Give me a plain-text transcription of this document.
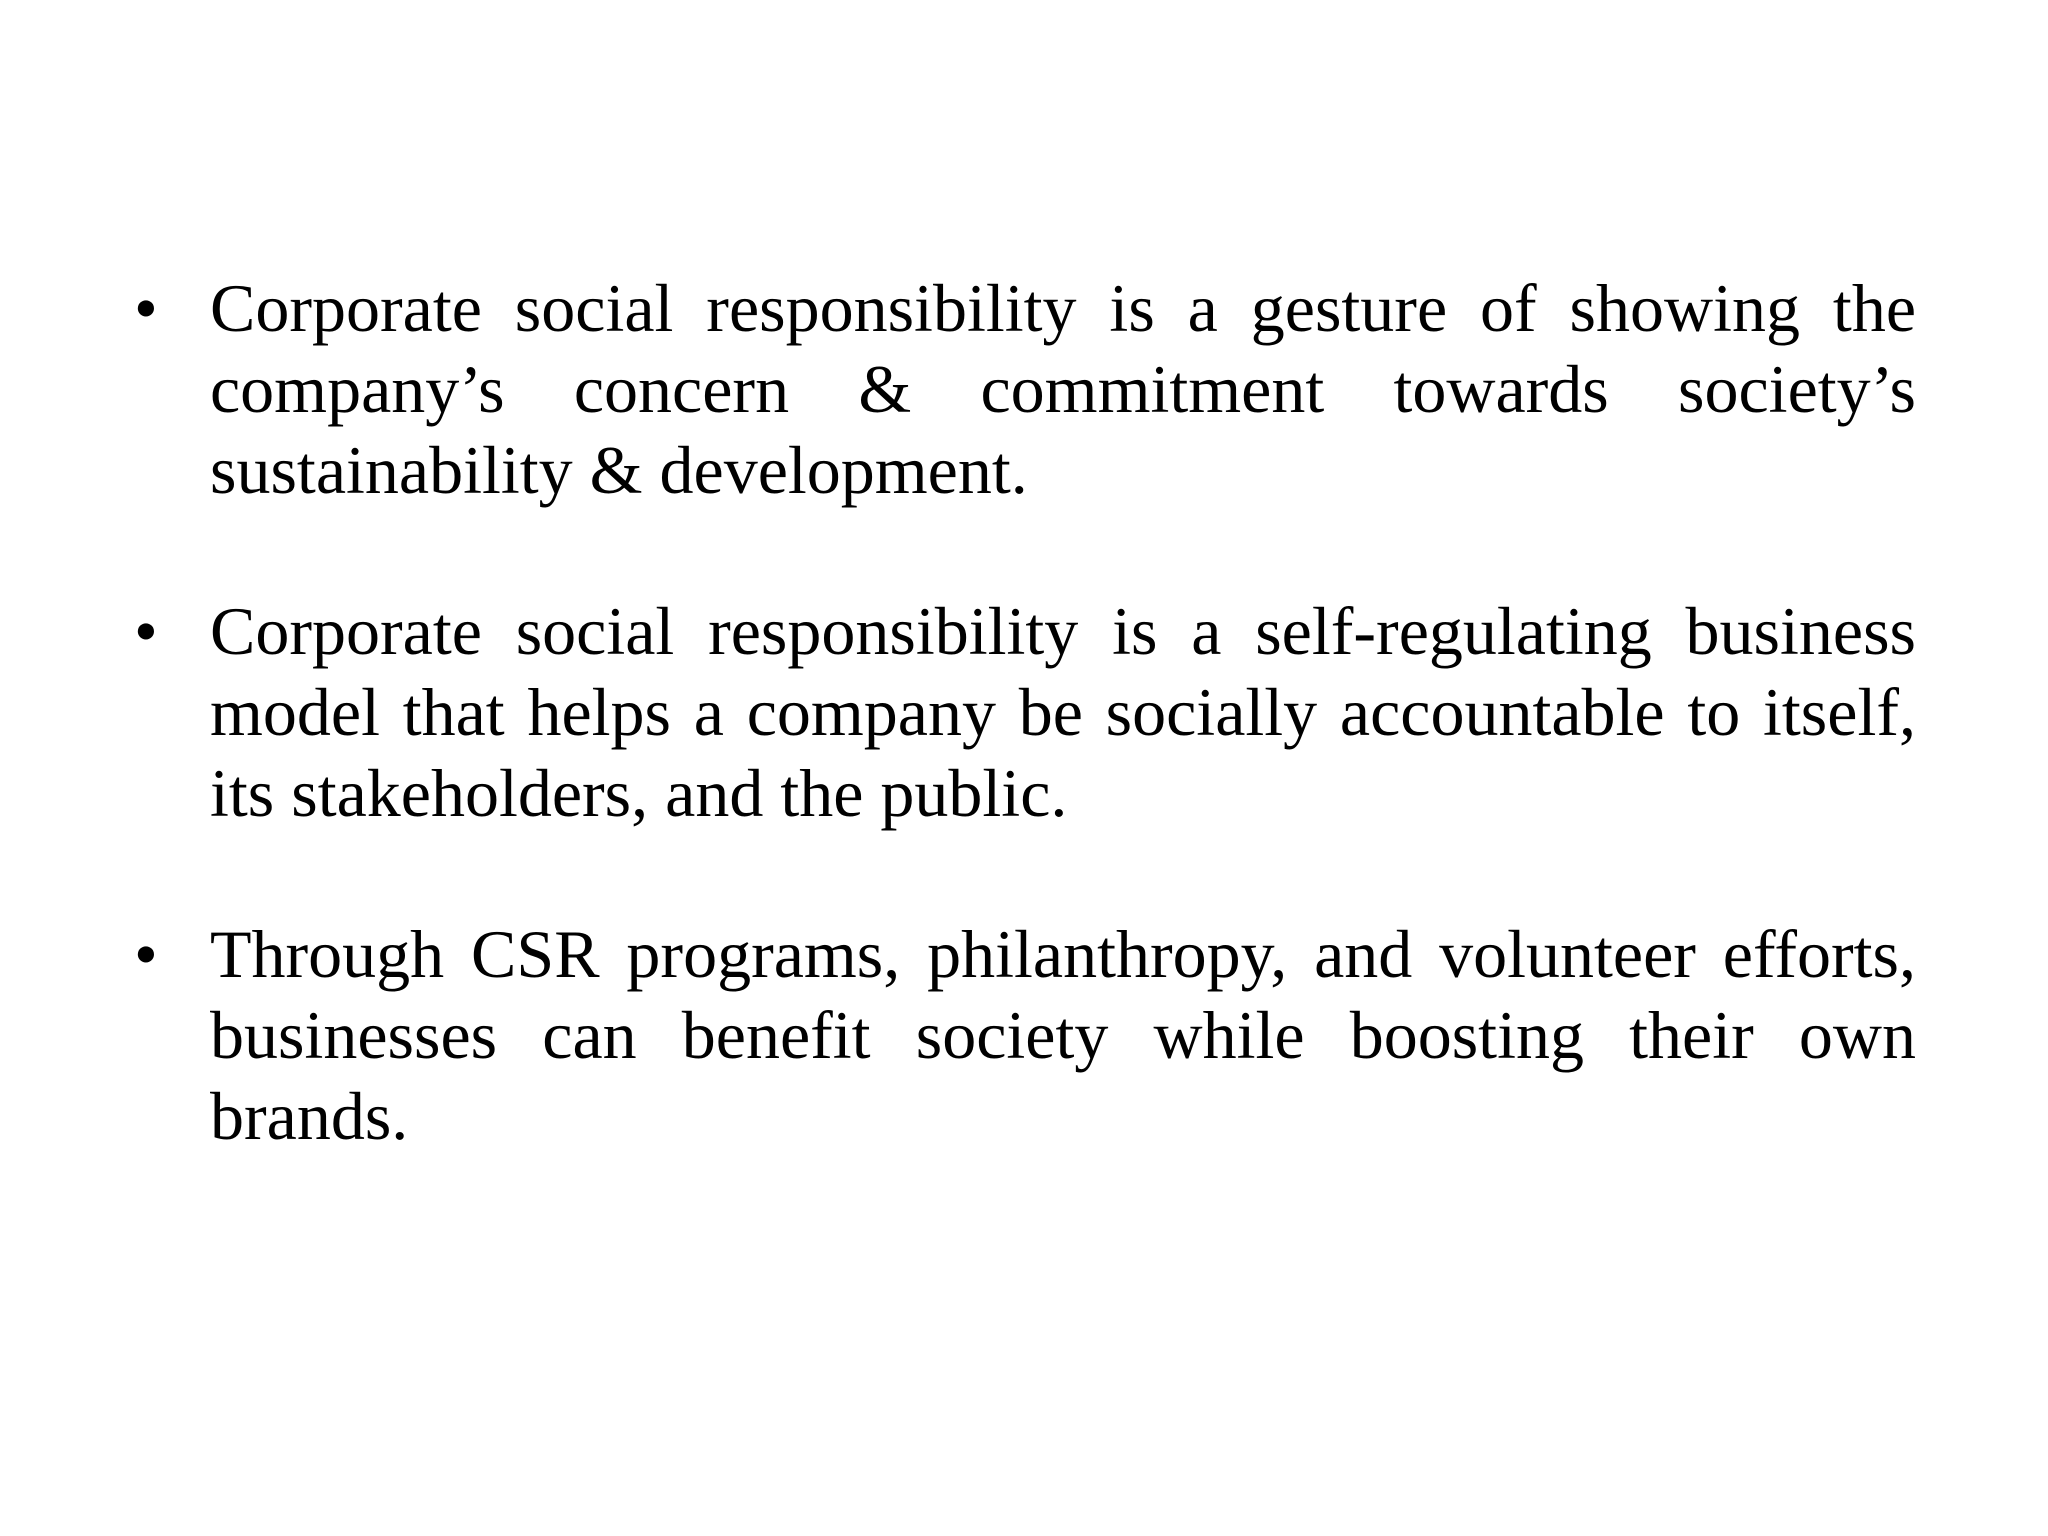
• Corporate social responsibility is a gesture of showing the company’s concern & commitment towards society’s sustainability & development.
• Corporate social responsibility is a self-regulating business model that helps a company be socially accountable to itself, its stakeholders, and the public.
• Through CSR programs, philanthropy, and volunteer efforts, businesses can benefit society while boosting their own brands.
